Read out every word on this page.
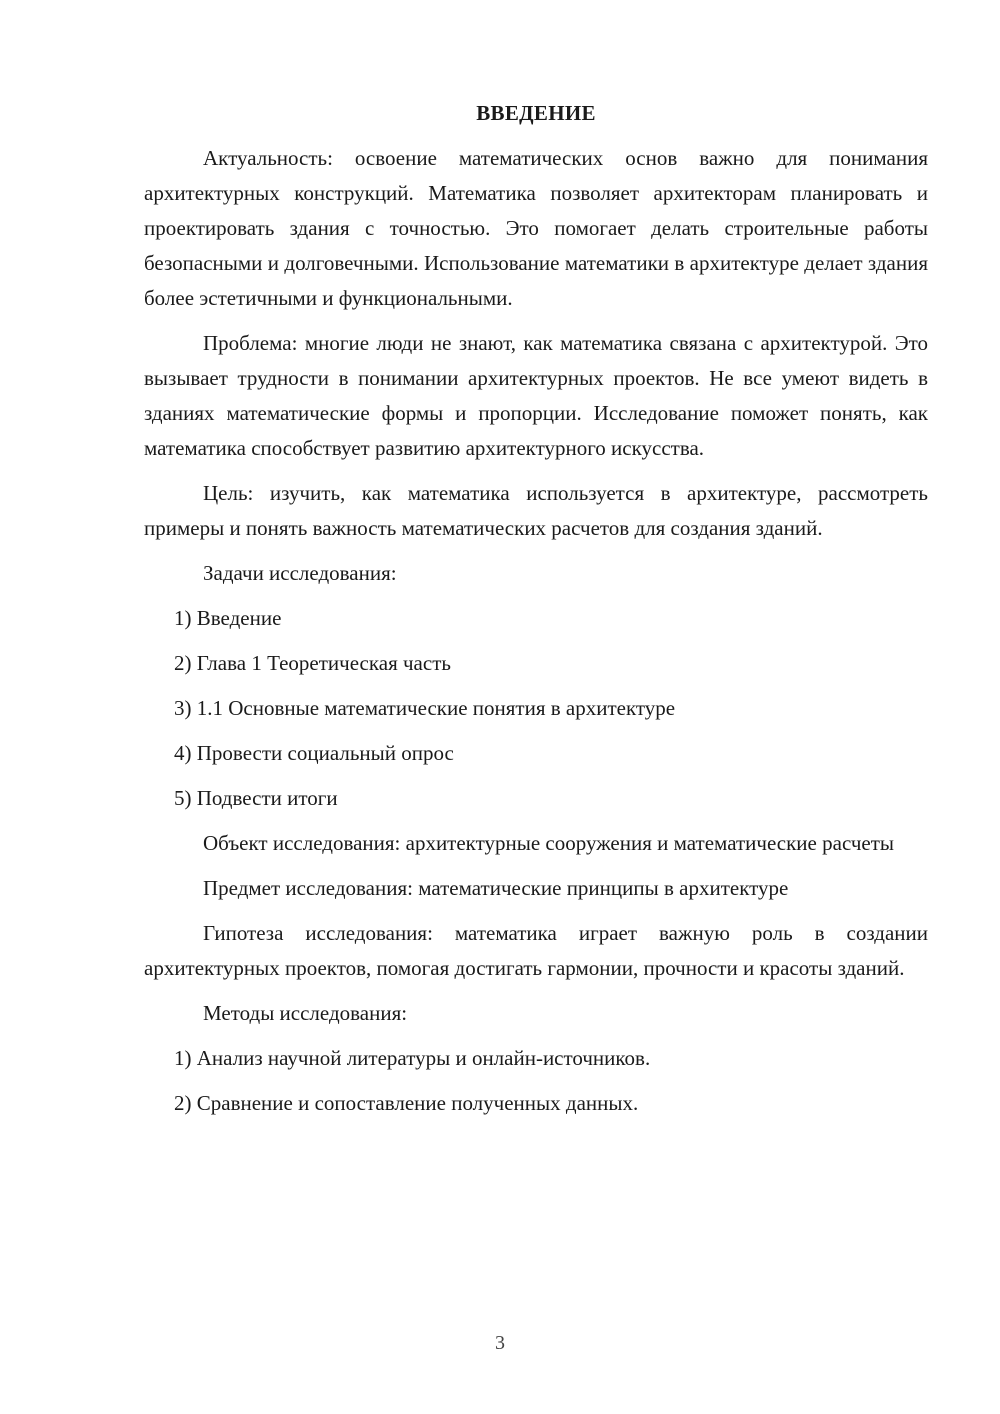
ВВЕДЕНИЕ

Актуальность: освоение математических основ важно для понимания архитектурных конструкций. Математика позволяет архитекторам планировать и проектировать здания с точностью. Это помогает делать строительные работы безопасными и долговечными. Использование математики в архитектуре делает здания более эстетичными и функциональными.

Проблема: многие люди не знают, как математика связана с архитектурой. Это вызывает трудности в понимании архитектурных проектов. Не все умеют видеть в зданиях математические формы и пропорции. Исследование поможет понять, как математика способствует развитию архитектурного искусства.

Цель: изучить, как математика используется в архитектуре, рассмотреть примеры и понять важность математических расчетов для создания зданий.

Задачи исследования:

1) Введение

2) Глава 1 Теоретическая часть

3) 1.1 Основные математические понятия в архитектуре

4) Провести социальный опрос

5) Подвести итоги

Объект исследования: архитектурные сооружения и математические расчеты

Предмет исследования: математические принципы в архитектуре

Гипотеза исследования: математика играет важную роль в создании архитектурных проектов, помогая достигать гармонии, прочности и красоты зданий.

Методы исследования:

1) Анализ научной литературы и онлайн-источников.

2) Сравнение и сопоставление полученных данных.

3
